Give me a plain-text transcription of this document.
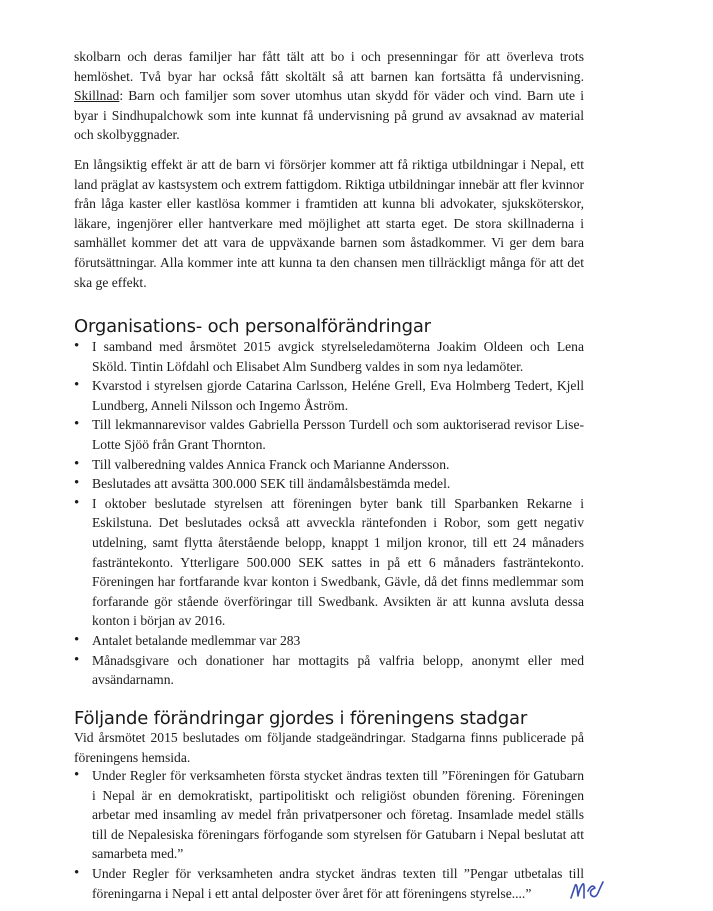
skolbarn och deras familjer har fått tält att bo i och presenningar för att överleva trots hemlöshet. Två byar har också fått skoltält så att barnen kan fortsätta få undervisning. Skillnad: Barn och familjer som sover utomhus utan skydd för väder och vind. Barn ute i byar i Sindhupalchowk som inte kunnat få undervisning på grund av avsaknad av material och skolbyggnader.

En långsiktig effekt är att de barn vi försörjer kommer att få riktiga utbildningar i Nepal, ett land präglat av kastsystem och extrem fattigdom. Riktiga utbildningar innebär att fler kvinnor från låga kaster eller kastlösa kommer i framtiden att kunna bli advokater, sjuksköterskor, läkare, ingenjörer eller hantverkare med möjlighet att starta eget. De stora skillnaderna i samhället kommer det att vara de uppväxande barnen som åstadkommer. Vi ger dem bara förutsättningar. Alla kommer inte att kunna ta den chansen men tillräckligt många för att det ska ge effekt.

Organisations- och personalförändringar
• I samband med årsmötet 2015 avgick styrelseledamöterna Joakim Oldeen och Lena Sköld. Tintin Löfdahl och Elisabet Alm Sundberg valdes in som nya ledamöter.
• Kvarstod i styrelsen gjorde Catarina Carlsson, Heléne Grell, Eva Holmberg Tedert, Kjell Lundberg, Anneli Nilsson och Ingemo Åström.
• Till lekmannarevisor valdes Gabriella Persson Turdell och som auktoriserad revisor Lise-Lotte Sjöö från Grant Thornton.
• Till valberedning valdes Annica Franck och Marianne Andersson.
• Beslutades att avsätta 300.000 SEK till ändamålsbestämda medel.
• I oktober beslutade styrelsen att föreningen byter bank till Sparbanken Rekarne i Eskilstuna. Det beslutades också att avveckla räntefonden i Robor, som gett negativ utdelning, samt flytta återstående belopp, knappt 1 miljon kronor, till ett 24 månaders fasträntekonto. Ytterligare 500.000 SEK sattes in på ett 6 månaders fasträntekonto. Föreningen har fortfarande kvar konton i Swedbank, Gävle, då det finns medlemmar som forfarande gör stående överföringar till Swedbank. Avsikten är att kunna avsluta dessa konton i början av 2016.
• Antalet betalande medlemmar var 283
• Månadsgivare och donationer har mottagits på valfria belopp, anonymt eller med avsändarnamn.
Följande förändringar gjordes i föreningens stadgar

Vid årsmötet 2015 beslutades om följande stadgeändringar. Stadgarna finns publicerade på föreningens hemsida.

• Under Regler för verksamheten första stycket ändras texten till ”Föreningen för Gatubarn i Nepal är en demokratiskt, partipolitiskt och religiöst obunden förening. Föreningen arbetar med insamling av medel från privatpersoner och företag. Insamlade medel ställs till de Nepalesiska föreningars förfogande som styrelsen för Gatubarn i Nepal beslutat att samarbeta med.”
• Under Regler för verksamheten andra stycket ändras texten till ”Pengar utbetalas till föreningarna i Nepal i ett antal delposter över året för att föreningens styrelse....”
